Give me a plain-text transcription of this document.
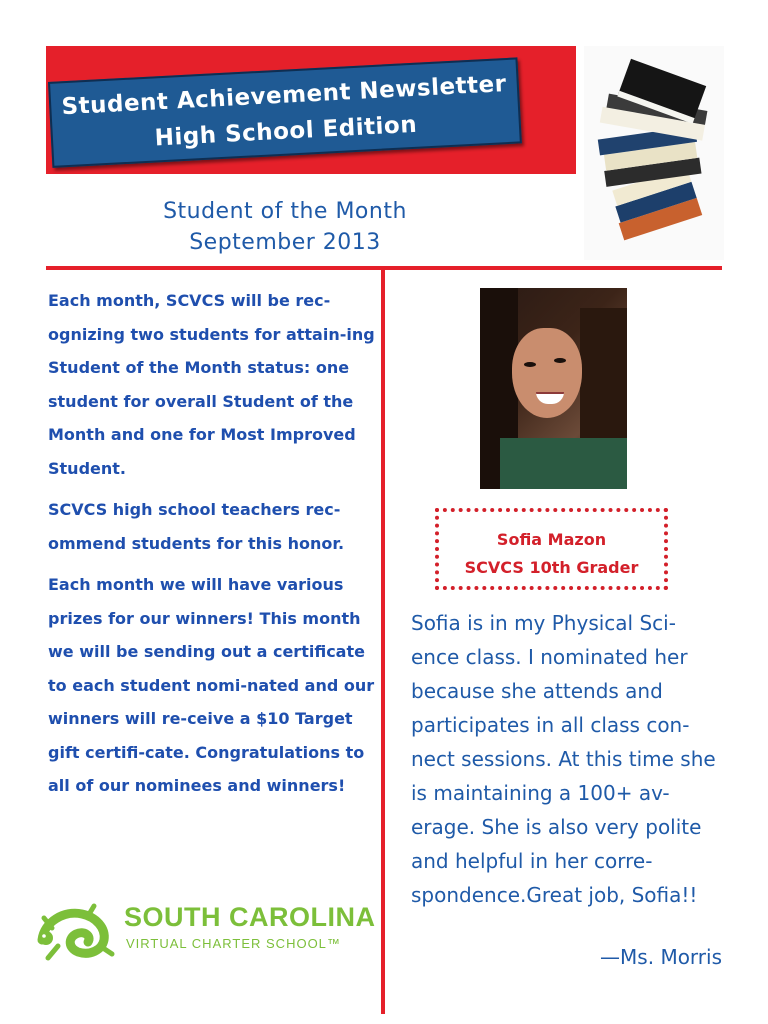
Student Achievement Newsletter
High School Edition
Student of the Month
September 2013

Each month, SCVCS will be rec-ognizing two students for attain-ing Student of the Month status: one student for overall Student of the Month and one for Most Improved Student.

SCVCS high school teachers rec-ommend students for this honor.

Each month we will have various prizes for our winners! This month we will be sending out a certificate to each student nomi-nated and our winners will re-ceive a $10 Target gift certifi-cate. Congratulations to all of our nominees and winners!

Sofia Mazon
SCVCS 10th Grader
Sofia is in my Physical Sci-ence class. I nominated her because she attends and participates in all class con-nect sessions. At this time she is maintaining a 100+ av-erage. She is also very polite and helpful in her corre-spondence.Great job, Sofia!!
—Ms. Morris
SOUTH CAROLINA
VIRTUAL CHARTER SCHOOL™
